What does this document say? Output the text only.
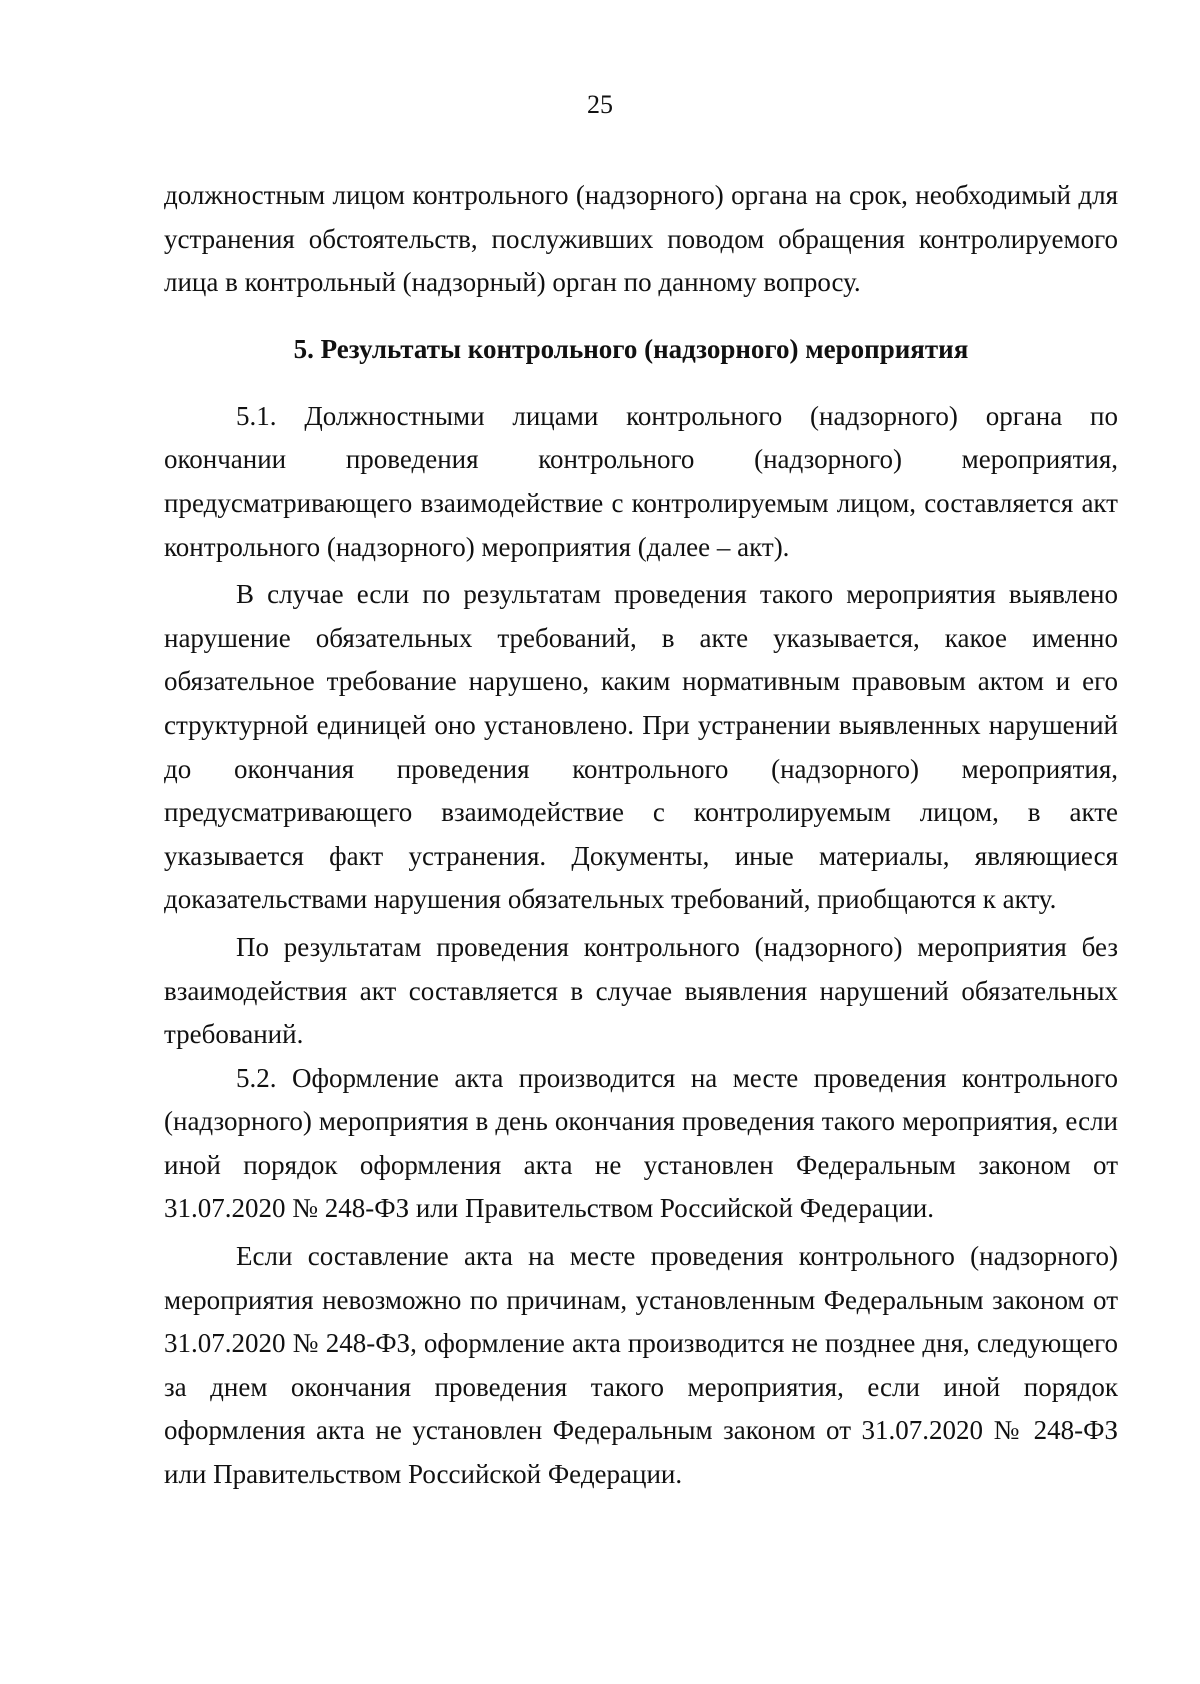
25

должностным лицом контрольного (надзорного) органа на срок, необходимый для устранения обстоятельств, послуживших поводом обращения контролируемого лица в контрольный (надзорный) орган по данному вопросу.

5. Результаты контрольного (надзорного) мероприятия

5.1. Должностными лицами контрольного (надзорного) органа по окончании проведения контрольного (надзорного) мероприятия, предусматривающего взаимодействие с контролируемым лицом, составляется акт контрольного (надзорного) мероприятия (далее – акт).

В случае если по результатам проведения такого мероприятия выявлено нарушение обязательных требований, в акте указывается, какое именно обязательное требование нарушено, каким нормативным правовым актом и его структурной единицей оно установлено. При устранении выявленных нарушений до окончания проведения контрольного (надзорного) мероприятия, предусматривающего взаимодействие с контролируемым лицом, в акте указывается факт устранения. Документы, иные материалы, являющиеся доказательствами нарушения обязательных требований, приобщаются к акту.

По результатам проведения контрольного (надзорного) мероприятия без взаимодействия акт составляется в случае выявления нарушений обязательных требований.

5.2. Оформление акта производится на месте проведения контрольного (надзорного) мероприятия в день окончания проведения такого мероприятия, если иной порядок оформления акта не установлен Федеральным законом от 31.07.2020 № 248-ФЗ или Правительством Российской Федерации.

Если составление акта на месте проведения контрольного (надзорного) мероприятия невозможно по причинам, установленным Федеральным законом от 31.07.2020 № 248-ФЗ, оформление акта производится не позднее дня, следующего за днем окончания проведения такого мероприятия, если иной порядок оформления акта не установлен Федеральным законом от 31.07.2020 № 248-ФЗ или Правительством Российской Федерации.
